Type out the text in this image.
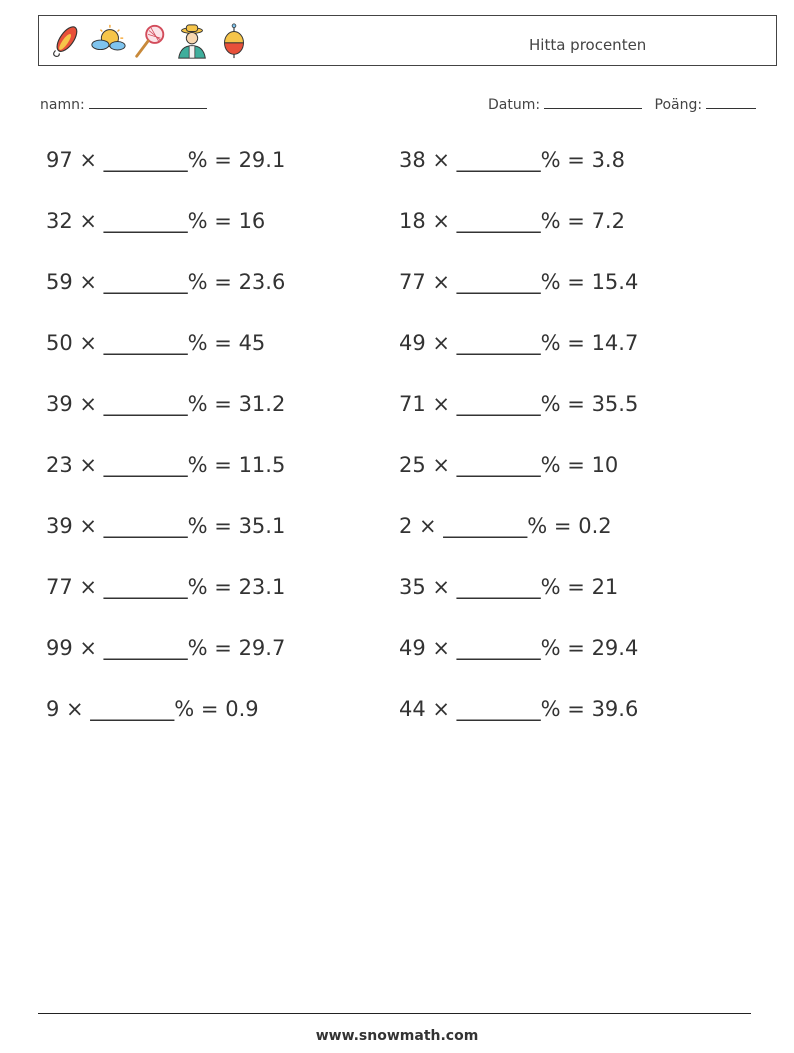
Hitta procenten
namn:	Datum:	Poäng:
97 × ________% = 29.1	38 × ________% = 3.8
32 × ________% = 16	18 × ________% = 7.2
59 × ________% = 23.6	77 × ________% = 15.4
50 × ________% = 45	49 × ________% = 14.7
39 × ________% = 31.2	71 × ________% = 35.5
23 × ________% = 11.5	25 × ________% = 10
39 × ________% = 35.1	2 × ________% = 0.2
77 × ________% = 23.1	35 × ________% = 21
99 × ________% = 29.7	49 × ________% = 29.4
9 × ________% = 0.9	44 × ________% = 39.6
www.snowmath.com
